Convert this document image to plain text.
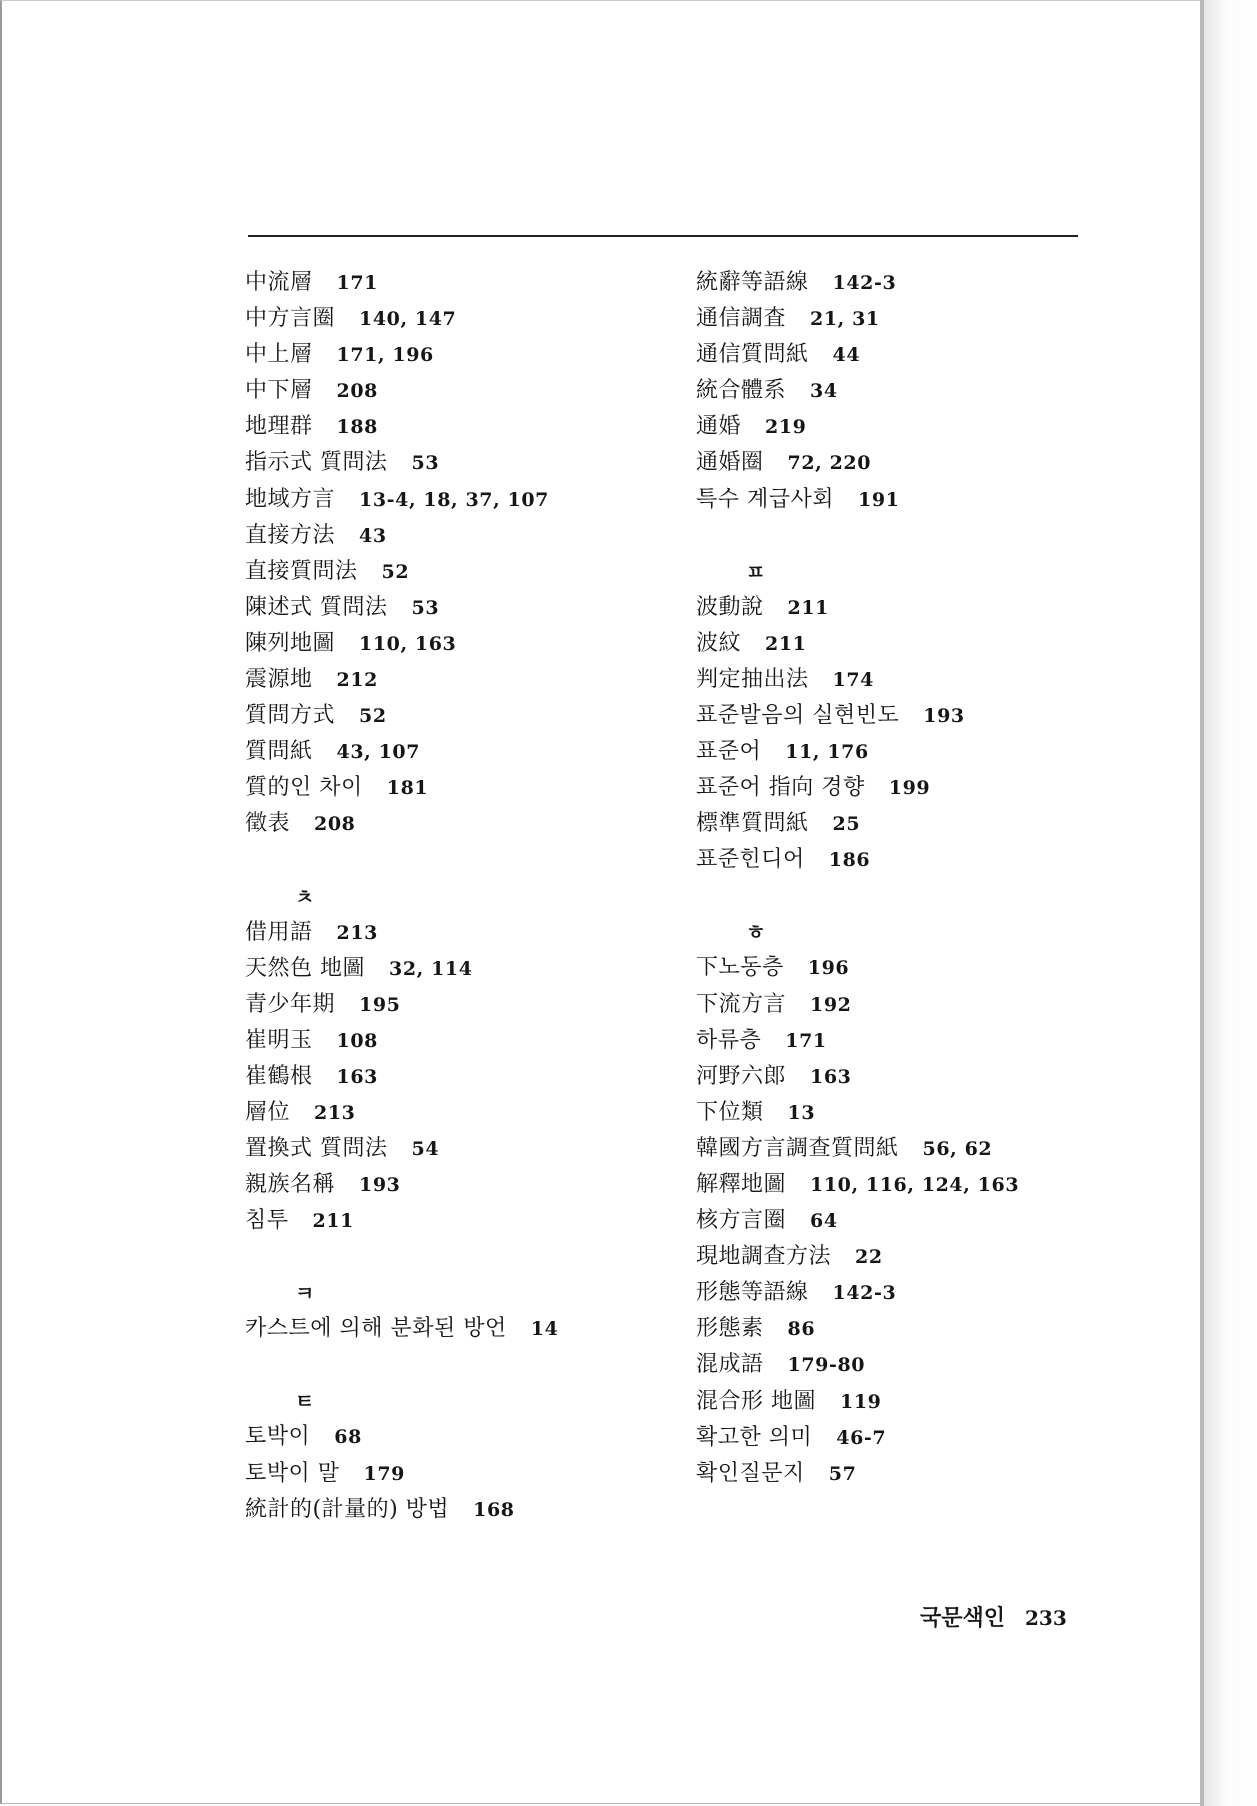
中流層 171
中方言圈 140, 147
中上層 171, 196
中下層 208
地理群 188
指示式 質問法 53
地域方言 13-4, 18, 37, 107
直接方法 43
直接質問法 52
陳述式 質問法 53
陳列地圖 110, 163
震源地 212
質問方式 52
質問紙 43, 107
質的인 차이 181
徵表 208
ㅊ
借用語 213
天然色 地圖 32, 114
青少年期 195
崔明玉 108
崔鶴根 163
層位 213
置換式 質問法 54
親族名稱 193
침투 211
ㅋ
카스트에 의해 분화된 방언 14
ㅌ
토박이 68
토박이 말 179
統計的(計量的) 방법 168
統辭等語線 142-3
通信調査 21, 31
通信質問紙 44
統合體系 34
通婚 219
通婚圈 72, 220
특수 계급사회 191
ㅍ
波動說 211
波紋 211
判定抽出法 174
표준발음의 실현빈도 193
표준어 11, 176
표준어 指向 경향 199
標準質問紙 25
표준힌디어 186
ㅎ
下노동층 196
下流方言 192
하류층 171
河野六郎 163
下位類 13
韓國方言調查質問紙 56, 62
解釋地圖 110, 116, 124, 163
核方言圈 64
現地調查方法 22
形態等語線 142-3
形態素 86
混成語 179-80
混合形 地圖 119
확고한 의미 46-7
확인질문지 57
국문색인 233
